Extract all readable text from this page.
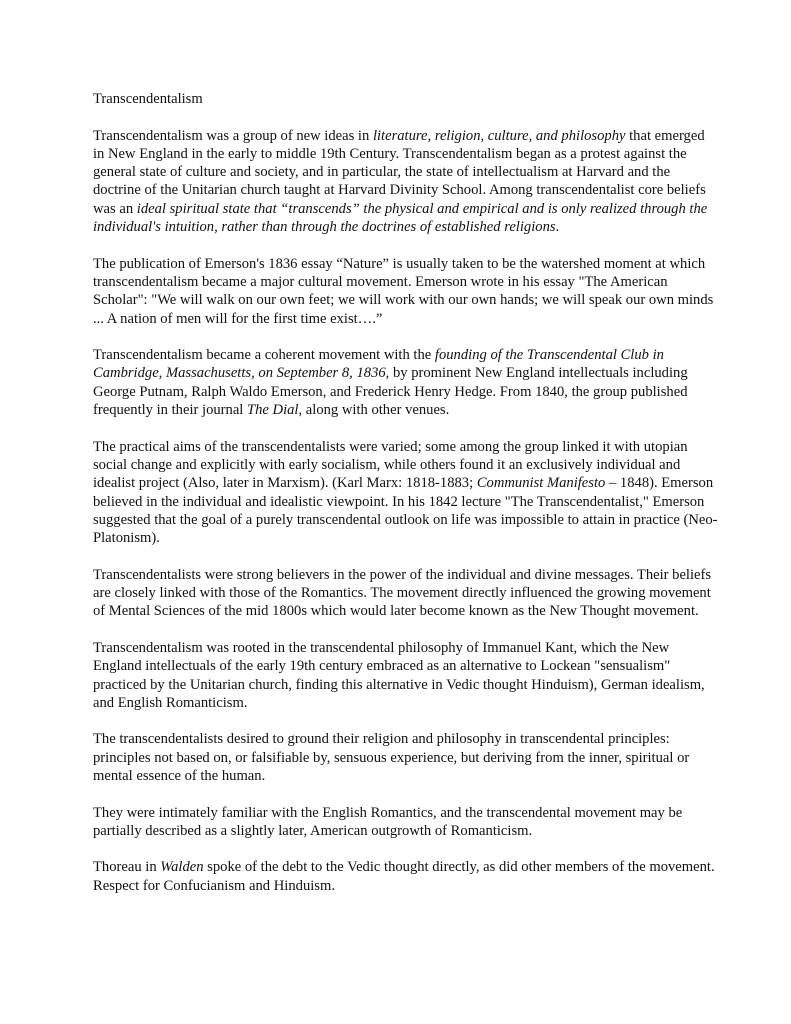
Transcendentalism

Transcendentalism was a group of new ideas in literature, religion, culture, and philosophy that emerged in New England in the early to middle 19th Century. Transcendentalism began as a protest against the general state of culture and society, and in particular, the state of intellectualism at Harvard and the doctrine of the Unitarian church taught at Harvard Divinity School. Among transcendentalist core beliefs was an ideal spiritual state that “transcends” the physical and empirical and is only realized through the individual's intuition, rather than through the doctrines of established religions.

The publication of Emerson's 1836 essay “Nature” is usually taken to be the watershed moment at which transcendentalism became a major cultural movement. Emerson wrote in his essay "The American Scholar": "We will walk on our own feet; we will work with our own hands; we will speak our own minds ... A nation of men will for the first time exist….”

Transcendentalism became a coherent movement with the founding of the Transcendental Club in Cambridge, Massachusetts, on September 8, 1836, by prominent New England intellectuals including George Putnam, Ralph Waldo Emerson, and Frederick Henry Hedge. From 1840, the group published frequently in their journal The Dial, along with other venues.

The practical aims of the transcendentalists were varied; some among the group linked it with utopian social change and explicitly with early socialism, while others found it an exclusively individual and idealist project (Also, later in Marxism). (Karl Marx: 1818-1883; Communist Manifesto – 1848). Emerson believed in the individual and idealistic viewpoint. In his 1842 lecture "The Transcendentalist," Emerson suggested that the goal of a purely transcendental outlook on life was impossible to attain in practice (Neo-Platonism).

Transcendentalists were strong believers in the power of the individual and divine messages. Their beliefs are closely linked with those of the Romantics. The movement directly influenced the growing movement of Mental Sciences of the mid 1800s which would later become known as the New Thought movement.

Transcendentalism was rooted in the transcendental philosophy of Immanuel Kant, which the New England intellectuals of the early 19th century embraced as an alternative to Lockean "sensualism" practiced by the Unitarian church, finding this alternative in Vedic thought Hinduism), German idealism, and English Romanticism.

The transcendentalists desired to ground their religion and philosophy in transcendental principles: principles not based on, or falsifiable by, sensuous experience, but deriving from the inner, spiritual or mental essence of the human.

They were intimately familiar with the English Romantics, and the transcendental movement may be partially described as a slightly later, American outgrowth of Romanticism.

Thoreau in Walden spoke of the debt to the Vedic thought directly, as did other members of the movement. Respect for Confucianism and Hinduism.
